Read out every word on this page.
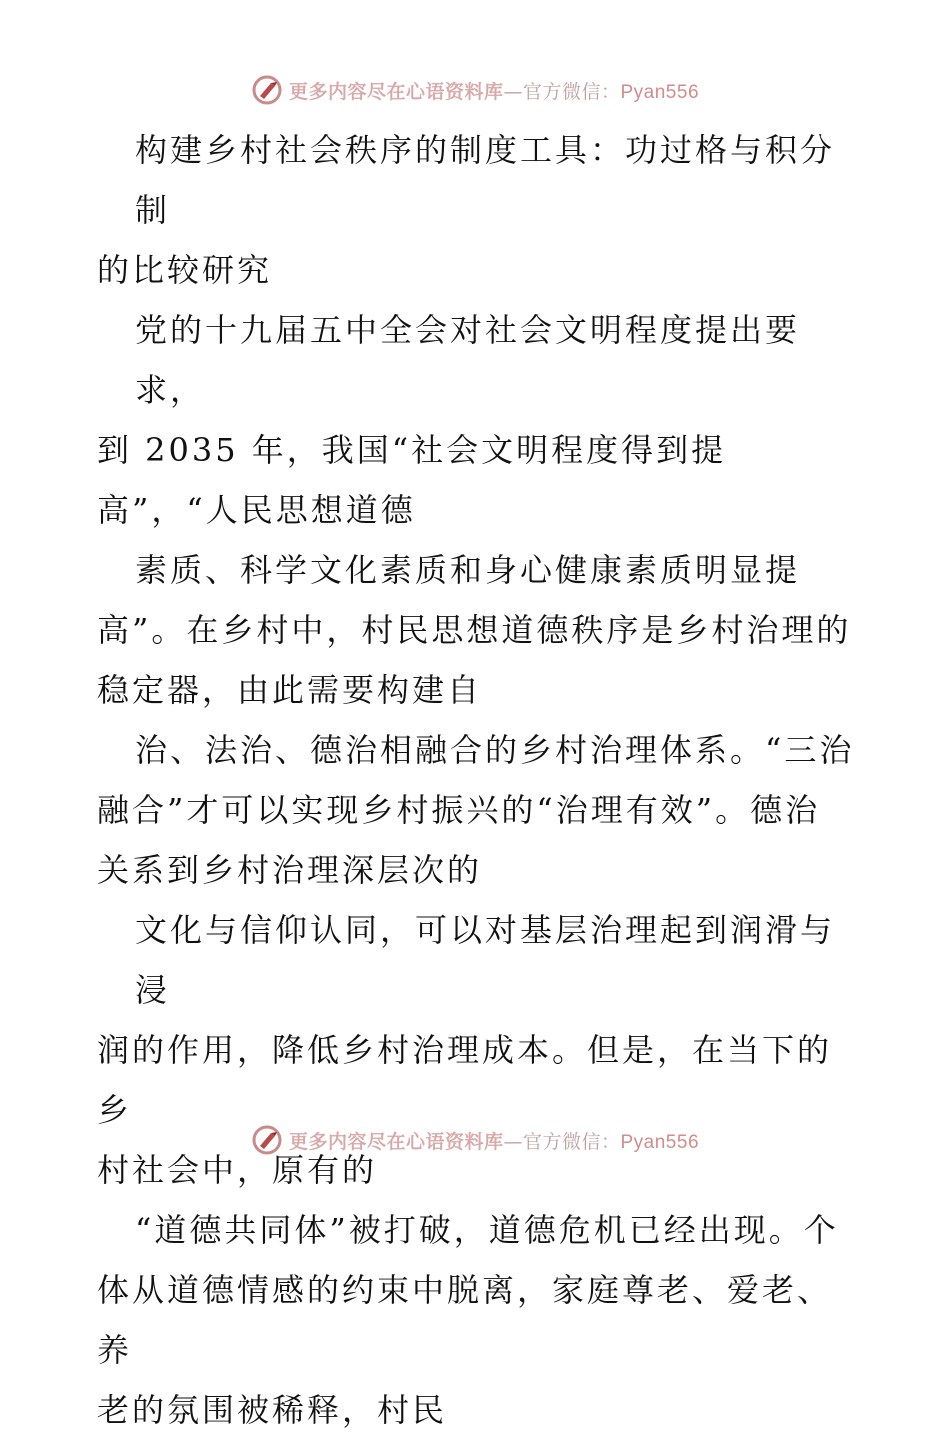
更多内容尽在心语资料库—官方微信：Pyan556

构建乡村社会秩序的制度工具：功过格与积分制

的比较研究

党的十九届五中全会对社会文明程度提出要求，

到 2035 年，我国“社会文明程度得到提

高”，“人民思想道德

素质、科学文化素质和身心健康素质明显提

高”。在乡村中，村民思想道德秩序是乡村治理的

稳定器，由此需要构建自

治、法治、德治相融合的乡村治理体系。“三治

融合”才可以实现乡村振兴的“治理有效”。德治

关系到乡村治理深层次的

文化与信仰认同，可以对基层治理起到润滑与浸

润的作用，降低乡村治理成本。但是，在当下的乡

村社会中，原有的

“道德共同体”被打破，道德危机已经出现。个

体从道德情感的约束中脱离，家庭尊老、爱老、养

老的氛围被稀释，村民

更多内容尽在心语资料库—官方微信：Pyan556
